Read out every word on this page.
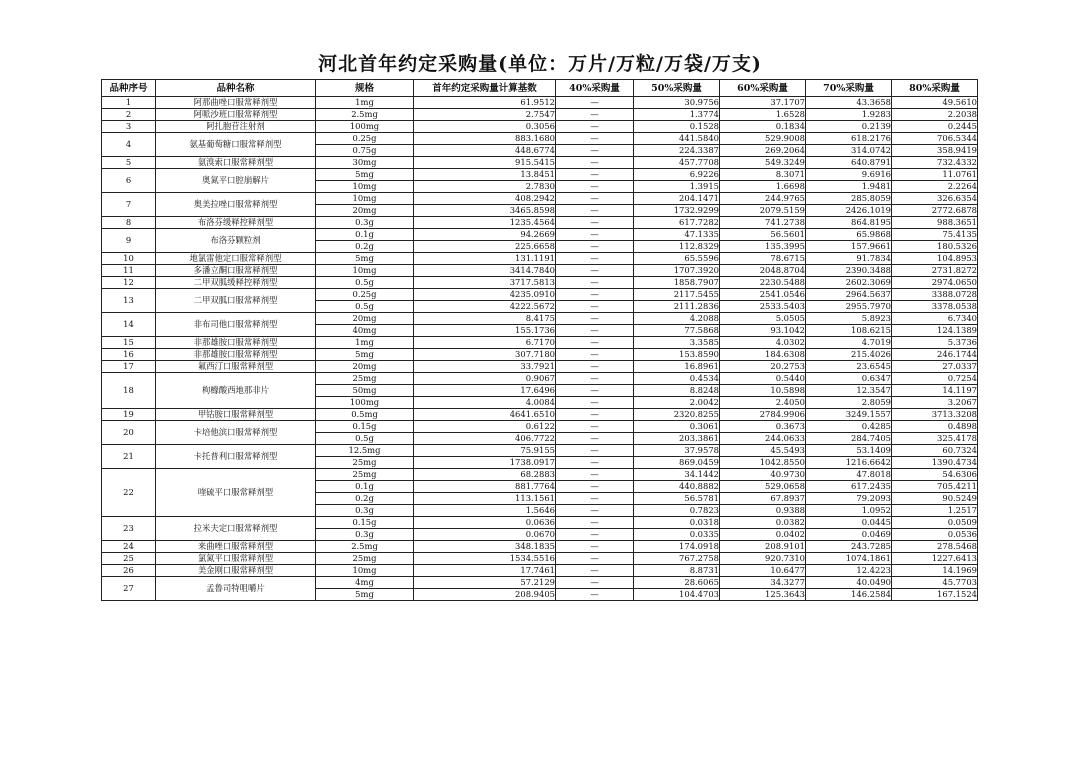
河北首年约定采购量(单位：万片/万粒/万袋/万支)
品种序号	品种名称	规格	首年约定采购量计算基数	40%采购量	50%采购量	60%采购量	70%采购量	80%采购量
1	阿那曲唑口服常释剂型	1mg	61.9512	—	30.9756	37.1707	43.3658	49.5610
2	阿哌沙班口服常释剂型	2.5mg	2.7547	—	1.3774	1.6528	1.9283	2.2038
3	阿扎胞苷注射剂	100mg	0.3056	—	0.1528	0.1834	0.2139	0.2445
4	氨基葡萄糖口服常释剂型	0.25g	883.1680	—	441.5840	529.9008	618.2176	706.5344
		0.75g	448.6774	—	224.3387	269.2064	314.0742	358.9419
5	氨溴索口服常释剂型	30mg	915.5415	—	457.7708	549.3249	640.8791	732.4332
6	奥氮平口腔崩解片	5mg	13.8451	—	6.9226	8.3071	9.6916	11.0761
		10mg	2.7830	—	1.3915	1.6698	1.9481	2.2264
7	奥美拉唑口服常释剂型	10mg	408.2942	—	204.1471	244.9765	285.8059	326.6354
		20mg	3465.8598	—	1732.9299	2079.5159	2426.1019	2772.6878
8	布洛芬缓释控释剂型	0.3g	1235.4564	—	617.7282	741.2738	864.8195	988.3651
9	布洛芬颗粒剂	0.1g	94.2669	—	47.1335	56.5601	65.9868	75.4135
		0.2g	225.6658	—	112.8329	135.3995	157.9661	180.5326
10	地氯雷他定口服常释剂型	5mg	131.1191	—	65.5596	78.6715	91.7834	104.8953
11	多潘立酮口服常释剂型	10mg	3414.7840	—	1707.3920	2048.8704	2390.3488	2731.8272
12	二甲双胍缓释控释剂型	0.5g	3717.5813	—	1858.7907	2230.5488	2602.3069	2974.0650
13	二甲双胍口服常释剂型	0.25g	4235.0910	—	2117.5455	2541.0546	2964.5637	3388.0728
		0.5g	4222.5672	—	2111.2836	2533.5403	2955.7970	3378.0538
14	非布司他口服常释剂型	20mg	8.4175	—	4.2088	5.0505	5.8923	6.7340
		40mg	155.1736	—	77.5868	93.1042	108.6215	124.1389
15	非那雄胺口服常释剂型	1mg	6.7170	—	3.3585	4.0302	4.7019	5.3736
16	非那雄胺口服常释剂型	5mg	307.7180	—	153.8590	184.6308	215.4026	246.1744
17	氟西汀口服常释剂型	20mg	33.7921	—	16.8961	20.2753	23.6545	27.0337
18	枸橼酸西地那非片	25mg	0.9067	—	0.4534	0.5440	0.6347	0.7254
		50mg	17.6496	—	8.8248	10.5898	12.3547	14.1197
		100mg	4.0084	—	2.0042	2.4050	2.8059	3.2067
19	甲钴胺口服常释剂型	0.5mg	4641.6510	—	2320.8255	2784.9906	3249.1557	3713.3208
20	卡培他滨口服常释剂型	0.15g	0.6122	—	0.3061	0.3673	0.4285	0.4898
		0.5g	406.7722	—	203.3861	244.0633	284.7405	325.4178
21	卡托普利口服常释剂型	12.5mg	75.9155	—	37.9578	45.5493	53.1409	60.7324
		25mg	1738.0917	—	869.0459	1042.8550	1216.6642	1390.4734
22	喹硫平口服常释剂型	25mg	68.2883	—	34.1442	40.9730	47.8018	54.6306
		0.1g	881.7764	—	440.8882	529.0658	617.2435	705.4211
		0.2g	113.1561	—	56.5781	67.8937	79.2093	90.5249
		0.3g	1.5646	—	0.7823	0.9388	1.0952	1.2517
23	拉米夫定口服常释剂型	0.15g	0.0636	—	0.0318	0.0382	0.0445	0.0509
		0.3g	0.0670	—	0.0335	0.0402	0.0469	0.0536
24	来曲唑口服常释剂型	2.5mg	348.1835	—	174.0918	208.9101	243.7285	278.5468
25	氯氮平口服常释剂型	25mg	1534.5516	—	767.2758	920.7310	1074.1861	1227.6413
26	美金刚口服常释剂型	10mg	17.7461	—	8.8731	10.6477	12.4223	14.1969
27	孟鲁司特咀嚼片	4mg	57.2129	—	28.6065	34.3277	40.0490	45.7703
		5mg	208.9405	—	104.4703	125.3643	146.2584	167.1524
